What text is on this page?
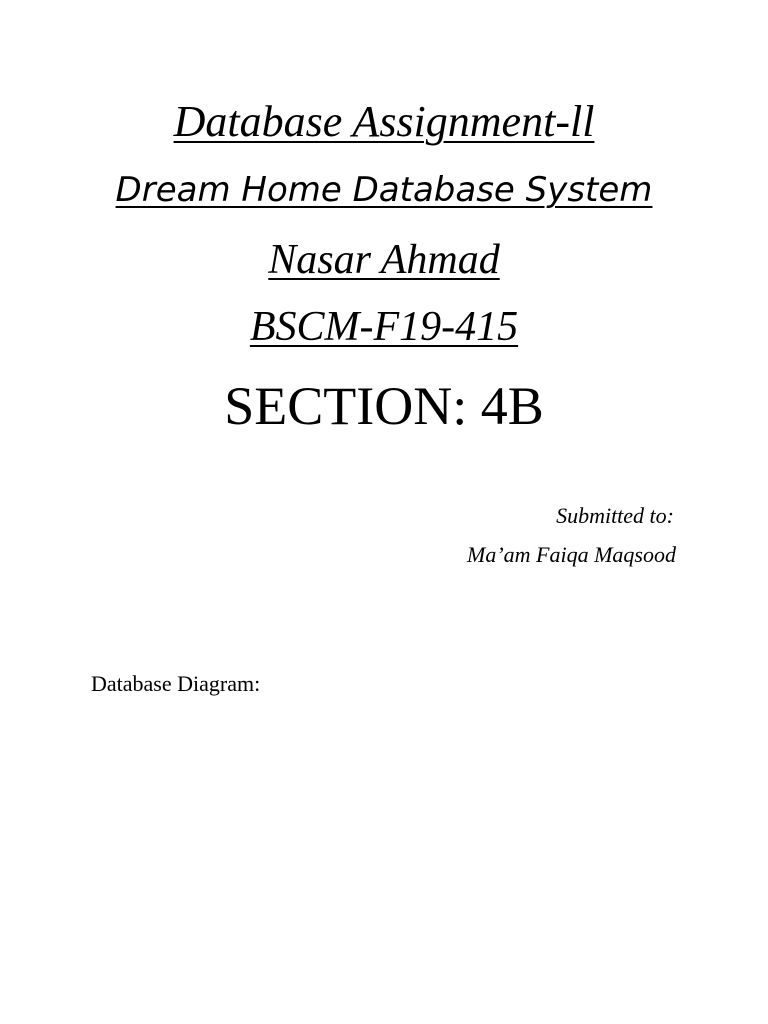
Database Assignment-ll
Dream Home Database System
Nasar Ahmad
BSCM-F19-415
SECTION: 4B
Submitted to:
Ma’am Faiqa Maqsood
Database Diagram:
